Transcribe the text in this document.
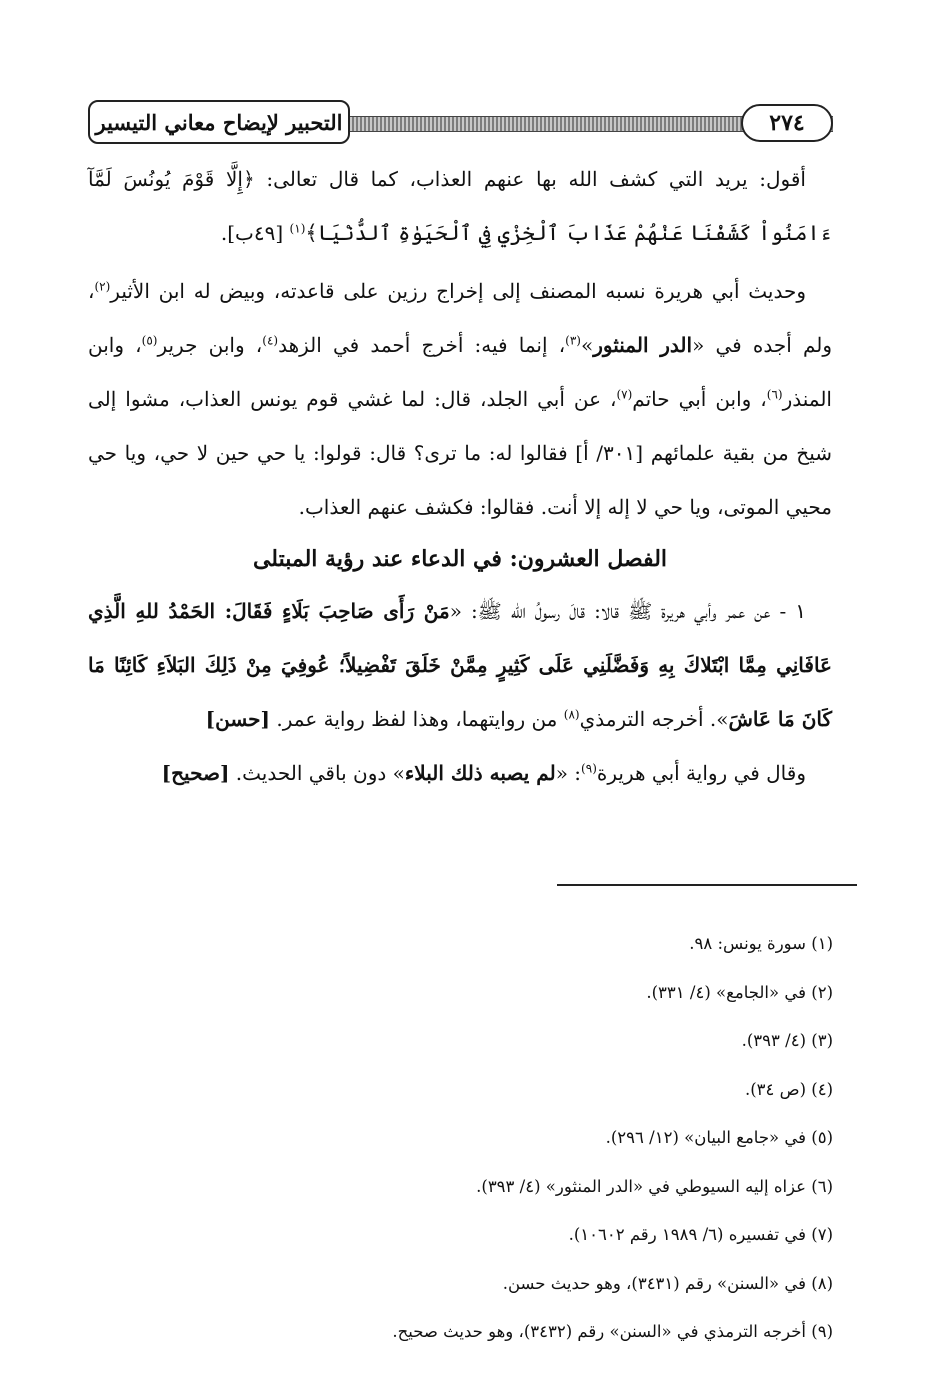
التحبير لإيضاح معاني التيسير	٢٧٤

أقول: يريد التي كشف الله بها عنهم العذاب، كما قال تعالى: ﴿إِلَّا قَوْمَ يُونُسَ لَمَّآ ءَامَنُواْ كَشَفْنَا عَنْهُمْ عَذَابَ ٱلْخِزْيِ فِي ٱلْحَيَوٰةِ ٱلدُّنْيَا﴾$^{(١)}$ [٤٩ب].

وحديث أبي هريرة نسبه المصنف إلى إخراج رزين على قاعدته، وبيض له ابن الأثير$^{(٢)}$، ولم أجده في «الدر المنثور»$^{(٣)}$، إنما فيه: أخرج أحمد في الزهد$^{(٤)}$، وابن جرير$^{(٥)}$، وابن المنذر$^{(٦)}$، وابن أبي حاتم$^{(٧)}$، عن أبي الجلد، قال: لما غشي قوم يونس العذاب، مشوا إلى شيخ من بقية علمائهم [٣٠١/ أ] فقالوا له: ما ترى؟ قال: قولوا: يا حي حين لا حي، ويا حي محيي الموتى، ويا حي لا إله إلا أنت. فقالوا: فكشف عنهم العذاب.

الفصل العشرون: في الدعاء عند رؤية المبتلى

١ - عن عمر وأبي هريرة ﷺ قالا: قالَ رسولُ الله ﷺ: «مَنْ رَأَى صَاحِبَ بَلَاءٍ فَقَالَ: الحَمْدُ للهِ الَّذِي عَافَانِي مِمَّا ابْتَلاكَ بِهِ وَفَضَّلَنِي عَلَى كَثِيرٍ مِمَّنْ خَلَقَ تَفْضِيلاً؛ عُوفِيَ مِنْ ذَلِكَ البَلاَءِ كَائِنًا مَا كَانَ مَا عَاشَ». أخرجه الترمذي$^{(٨)}$ من روايتهما، وهذا لفظ رواية عمر. [حسن]

وقال في رواية أبي هريرة$^{(٩)}$: «لم يصبه ذلك البلاء» دون باقي الحديث. [صحيح]

(١) سورة يونس: ٩٨.
(٢) في «الجامع» (٤/ ٣٣١).
(٣) (٤/ ٣٩٣).
(٤) (ص ٣٤).
(٥) في «جامع البيان» (١٢/ ٢٩٦).
(٦) عزاه إليه السيوطي في «الدر المنثور» (٤/ ٣٩٣).
(٧) في تفسيره (٦/ ١٩٨٩ رقم ١٠٦٠٢).
(٨) في «السنن» رقم (٣٤٣١)، وهو حديث حسن.
(٩) أخرجه الترمذي في «السنن» رقم (٣٤٣٢)، وهو حديث صحيح.
